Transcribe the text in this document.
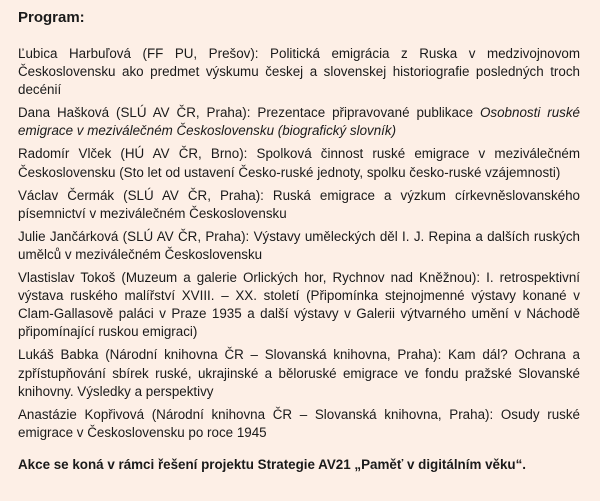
Program:
Ľubica Harbuľová (FF PU, Prešov): Politická emigrácia z Ruska v medzivojnovom Československu ako predmet výskumu českej a slovenskej historiografie posledných troch decénií
Dana Hašková (SLÚ AV ČR, Praha): Prezentace připravované publikace Osobnosti ruské emigrace v meziválečném Československu (biografický slovník)
Radomír Vlček (HÚ AV ČR, Brno): Spolková činnost ruské emigrace v meziválečném Československu (Sto let od ustavení Česko-ruské jednoty, spolku česko-ruské vzájemnosti)
Václav Čermák (SLÚ AV ČR, Praha): Ruská emigrace a výzkum církevněslovanského písemnictví v meziválečném Československu
Julie Jančárková (SLÚ AV ČR, Praha): Výstavy uměleckých děl I. J. Repina a dalších ruských umělců v meziválečném Československu
Vlastislav Tokoš (Muzeum a galerie Orlických hor, Rychnov nad Kněžnou): I. retrospektivní výstava ruského malířství XVIII. – XX. století (Připomínka stejnojmenné výstavy konané v Clam-Gallasově paláci v Praze 1935 a další výstavy v Galerii výtvarného umění v Náchodě připomínající ruskou emigraci)
Lukáš Babka (Národní knihovna ČR – Slovanská knihovna, Praha): Kam dál? Ochrana a zpřístupňování sbírek ruské, ukrajinské a běloruské emigrace ve fondu pražské Slovanské knihovny. Výsledky a perspektivy
Anastázie Kopřivová (Národní knihovna ČR – Slovanská knihovna, Praha): Osudy ruské emigrace v Československu po roce 1945
Akce se koná v rámci řešení projektu Strategie AV21 „Paměť v digitálním věku“.
